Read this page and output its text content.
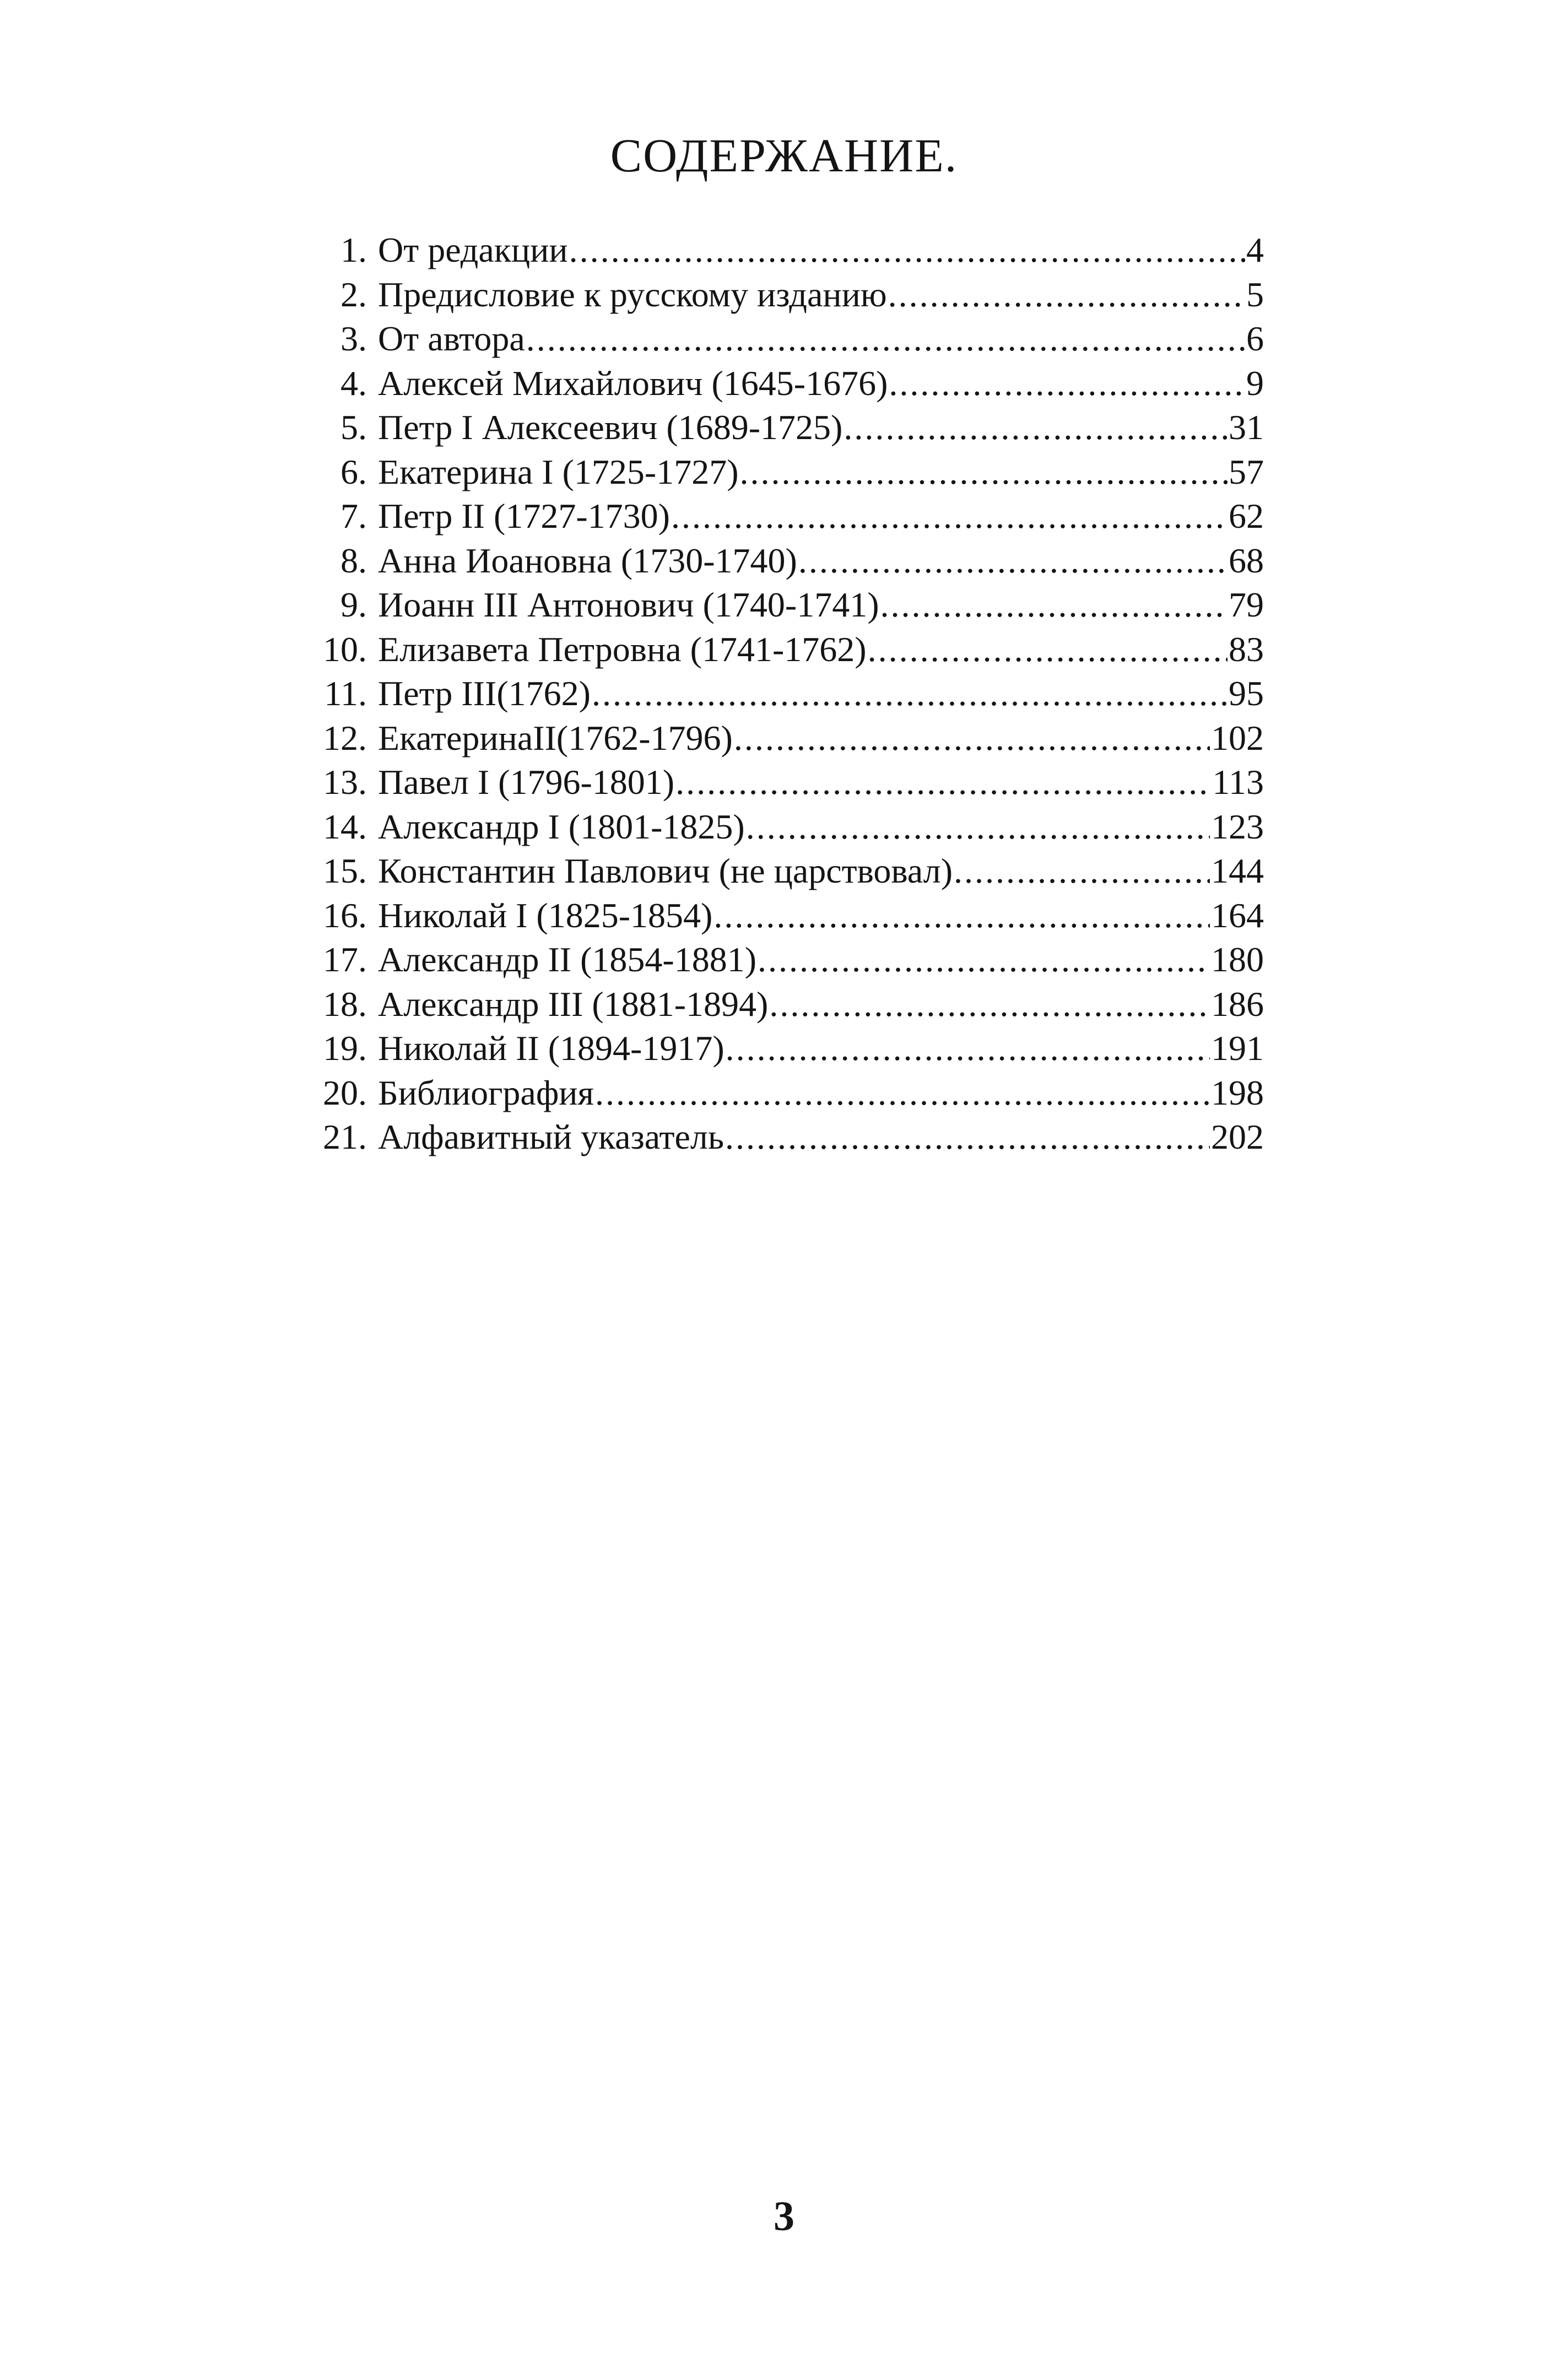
СОДЕРЖАНИЕ.
1. От редакции .....	4
2. Предисловие к русскому изданию .....	5
3. От автора .....	6
4. Алексей Михайлович (1645-1676) .....	9
5. Петр I Алексеевич (1689-1725) .....	31
6. Екатерина I (1725-1727) .....	57
7. Петр II (1727-1730) .....	62
8. Анна Иоановна (1730-1740) .....	68
9. Иоанн III Антонович (1740-1741) .....	79
10. Елизавета Петровна (1741-1762) .....	83
11. Петр III(1762) .....	95
12. ЕкатеринаII(1762-1796) .....	102
13. Павел I (1796-1801) .....	113
14. Александр I (1801-1825) .....	123
15. Константин Павлович (не царствовал) .....	144
16. Николай I (1825-1854) .....	164
17. Александр II (1854-1881) .....	180
18. Александр III (1881-1894) .....	186
19. Николай II (1894-1917) .....	191
20. Библиография .....	198
21. Алфавитный указатель .....	202
3
